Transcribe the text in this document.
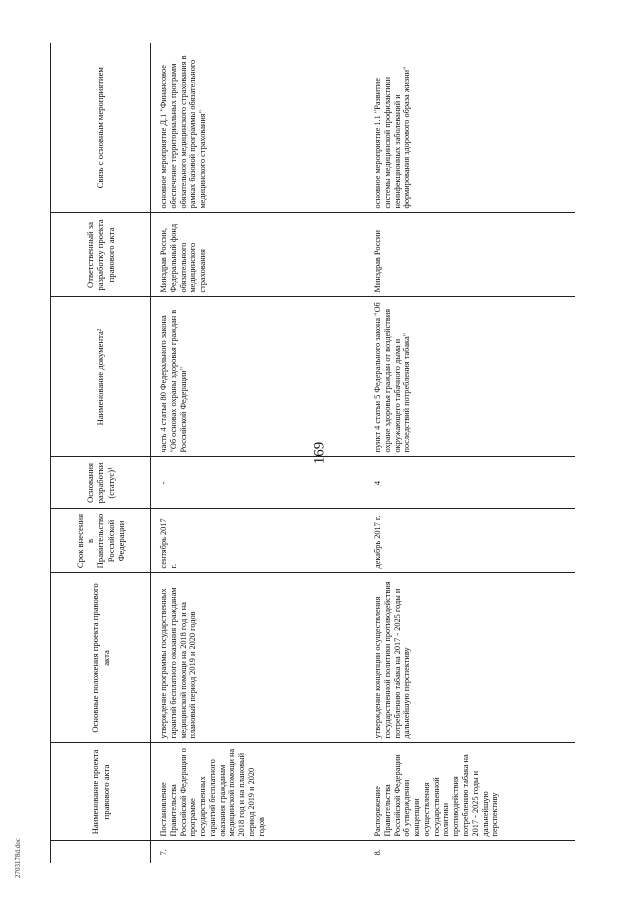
169
2703178d.doc
	Наименование проекта правового акта	Основные положения проекта правового акта	Срок внесения в Правительство Российской Федерации	Основания разработки (статус)¹	Наименование документа²	Ответственный за разработку проекта правового акта	Связь с основным мероприятием
7.	Постановление Правительства Российской Федерации о программе государственных гарантий бесплатного оказания гражданам медицинской помощи на 2018 год и на плановый период 2019 и 2020 годов	утверждение программы государственных гарантий бесплатного оказания гражданам медицинской помощи на 2018 год и на плановый период 2019 и 2020 годов	сентябрь 2017 г.	-	часть 4 статьи 80 Федерального закона "Об основах охраны здоровья граждан в Российской Федерации"	Минздрав России, Федеральный фонд обязательного медицинского страхования	основное мероприятие Д.1 "Финансовое обеспечение территориальных программ обязательного медицинского страхования в рамках базовой программы обязательного медицинского страхования"
8.	Распоряжение Правительства Российской Федерации об утверждении концепции осуществления государственной политики противодействия потреблению табака на 2017 - 2025 годы и дальнейшую перспективу	утверждение концепции осуществления государственной политики противодействия потреблению табака на 2017 - 2025 годы и дальнейшую перспективу	декабрь 2017 г.	4	пункт 4 статьи 5 Федерального закона "Об охране здоровья граждан от воздействия окружающего табачного дыма и последствий потребления табака"	Минздрав России	основное мероприятие 1.1 "Развитие системы медицинской профилактики неинфекционных заболеваний и формирования здорового образа жизни"
